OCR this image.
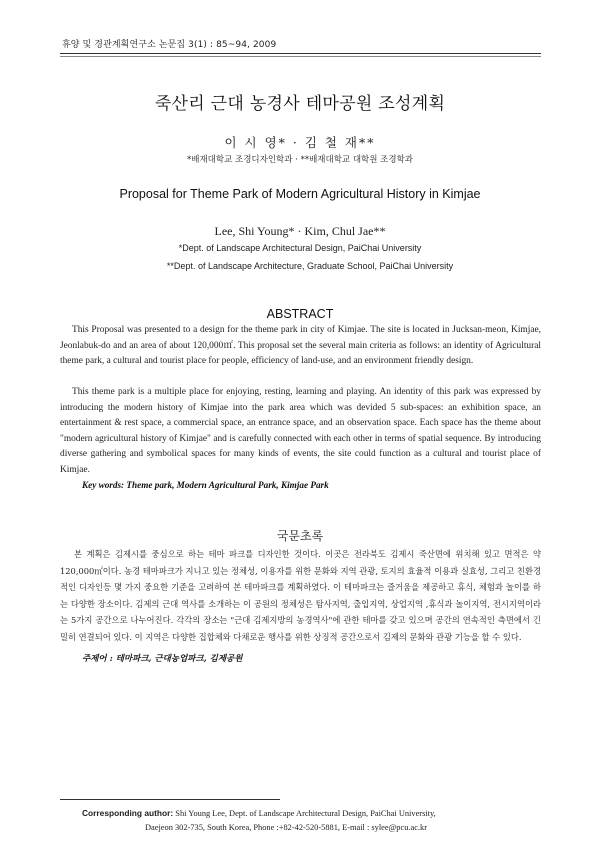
휴양 및 경관계획연구소 논문집 3(1) : 85~94, 2009
죽산리 근대 농경사 테마공원 조성계획
이 시 영* · 김 철 재**
*배재대학교 조경디자인학과 · **배재대학교 대학원 조경학과
Proposal for Theme Park of Modern Agricultural History in Kimjae
Lee, Shi Young* · Kim, Chul Jae**
*Dept. of Landscape Architectural Design, PaiChai University
**Dept. of Landscape Architecture, Graduate School, PaiChai University
ABSTRACT

This Proposal was presented to a design for the theme park in city of Kimjae. The site is located in Jucksan-meon, Kimjae, Jeonlabuk-do and an area of about 120,000㎡. This proposal set the several main criteria as follows: an identity of Agricultural theme park, a cultural and tourist place for people, efficiency of land-use, and an environment friendly design.

This theme park is a multiple place for enjoying, resting, learning and playing. An identity of this park was expressed by introducing the modern history of Kimjae into the park area which was devided 5 sub-spaces: an exhibition space, an entertainment & rest space, a commercial space, an entrance space, and an observation space. Each space has the theme about "modern agricultural history of Kimjae" and is carefully connected with each other in terms of spatial sequence. By introducing diverse gathering and symbolical spaces for many kinds of events, the site could function as a cultural and tourist place of Kimjae.

Key words: Theme park, Modern Agricultural Park, Kimjae Park
국문초록

본 계획은 김제시를 중심으로 하는 테마 파크를 디자인한 것이다. 이곳은 전라북도 김제시 죽산면에 위치해 있고 면적은 약 120,000㎡이다. 농경 테마파크가 지니고 있는 정체성, 이용자를 위한 문화와 지역 관광, 토지의 효율적 이용과 실효성, 그리고 친환경적인 디자인등 몇 가지 중요한 기준을 고려하여 본 테마파크를 계획하였다. 이 테마파크는 즐거움을 제공하고 휴식, 체험과 놀이를 하는 다양한 장소이다. 김제의 근대 역사를 소개하는 이 공원의 정체성은 탐사지역, 출입지역, 상업지역 ,휴식과 놀이지역, 전시지역이라는 5가지 공간으로 나누어진다. 각각의 장소는 "근대 김제지방의 농경역사"에 관한 테마를 갖고 있으며 공간의 연속적인 측면에서 긴밀히 연결되어 있다. 이 지역은 다양한 집합체와 다채로운 행사를 위한 상징적 공간으로서 김제의 문화와 관광 기능을 할 수 있다.

주제어 : 테마파크, 근대농업파크, 김제공원
Corresponding author: Shi Young Lee, Dept. of Landscape Architectural Design, PaiChai University,
Daejeon 302-735, South Korea, Phone :+82-42-520-5881, E-mail : sylee@pcu.ac.kr
